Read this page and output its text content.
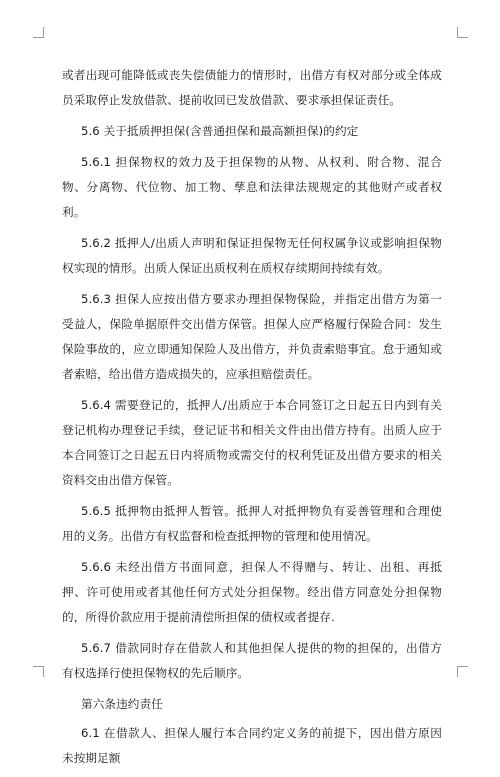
或者出现可能降低或丧失偿债能力的情形时，出借方有权对部分或全体成员采取停止发放借款、提前收回已发放借款、要求承担保证责任。

5.6 关于抵质押担保(含普通担保和最高额担保)的约定

5.6.1 担保物权的效力及于担保物的从物、从权利、附合物、混合物、分离物、代位物、加工物、孳息和法律法规规定的其他财产或者权利。

5.6.2 抵押人/出质人声明和保证担保物无任何权属争议或影响担保物权实现的情形。出质人保证出质权利在质权存续期间持续有效。

5.6.3 担保人应按出借方要求办理担保物保险，并指定出借方为第一受益人，保险单据原件交出借方保管。担保人应严格履行保险合同：发生保险事故的，应立即通知保险人及出借方，并负责索赔事宜。怠于通知或者索赔，给出借方造成损失的，应承担赔偿责任。

5.6.4 需要登记的，抵押人/出质应于本合同签订之日起五日内到有关登记机构办理登记手续，登记证书和相关文件由出借方持有。出质人应于本合同签订之日起五日内将质物或需交付的权利凭证及出借方要求的相关资料交由出借方保管。

5.6.5 抵押物由抵押人暂管。抵押人对抵押物负有妥善管理和合理使用的义务。出借方有权监督和检查抵押物的管理和使用情况。

5.6.6 未经出借方书面同意，担保人不得赠与、转让、出租、再抵押、许可使用或者其他任何方式处分担保物。经出借方同意处分担保物的，所得价款应用于提前清偿所担保的债权或者提存.

5.6.7 借款同时存在借款人和其他担保人提供的物的担保的，出借方有权选择行使担保物权的先后顺序。

第六条违约责任

6.1 在借款人、担保人履行本合同约定义务的前提下，因出借方原因未按期足额
